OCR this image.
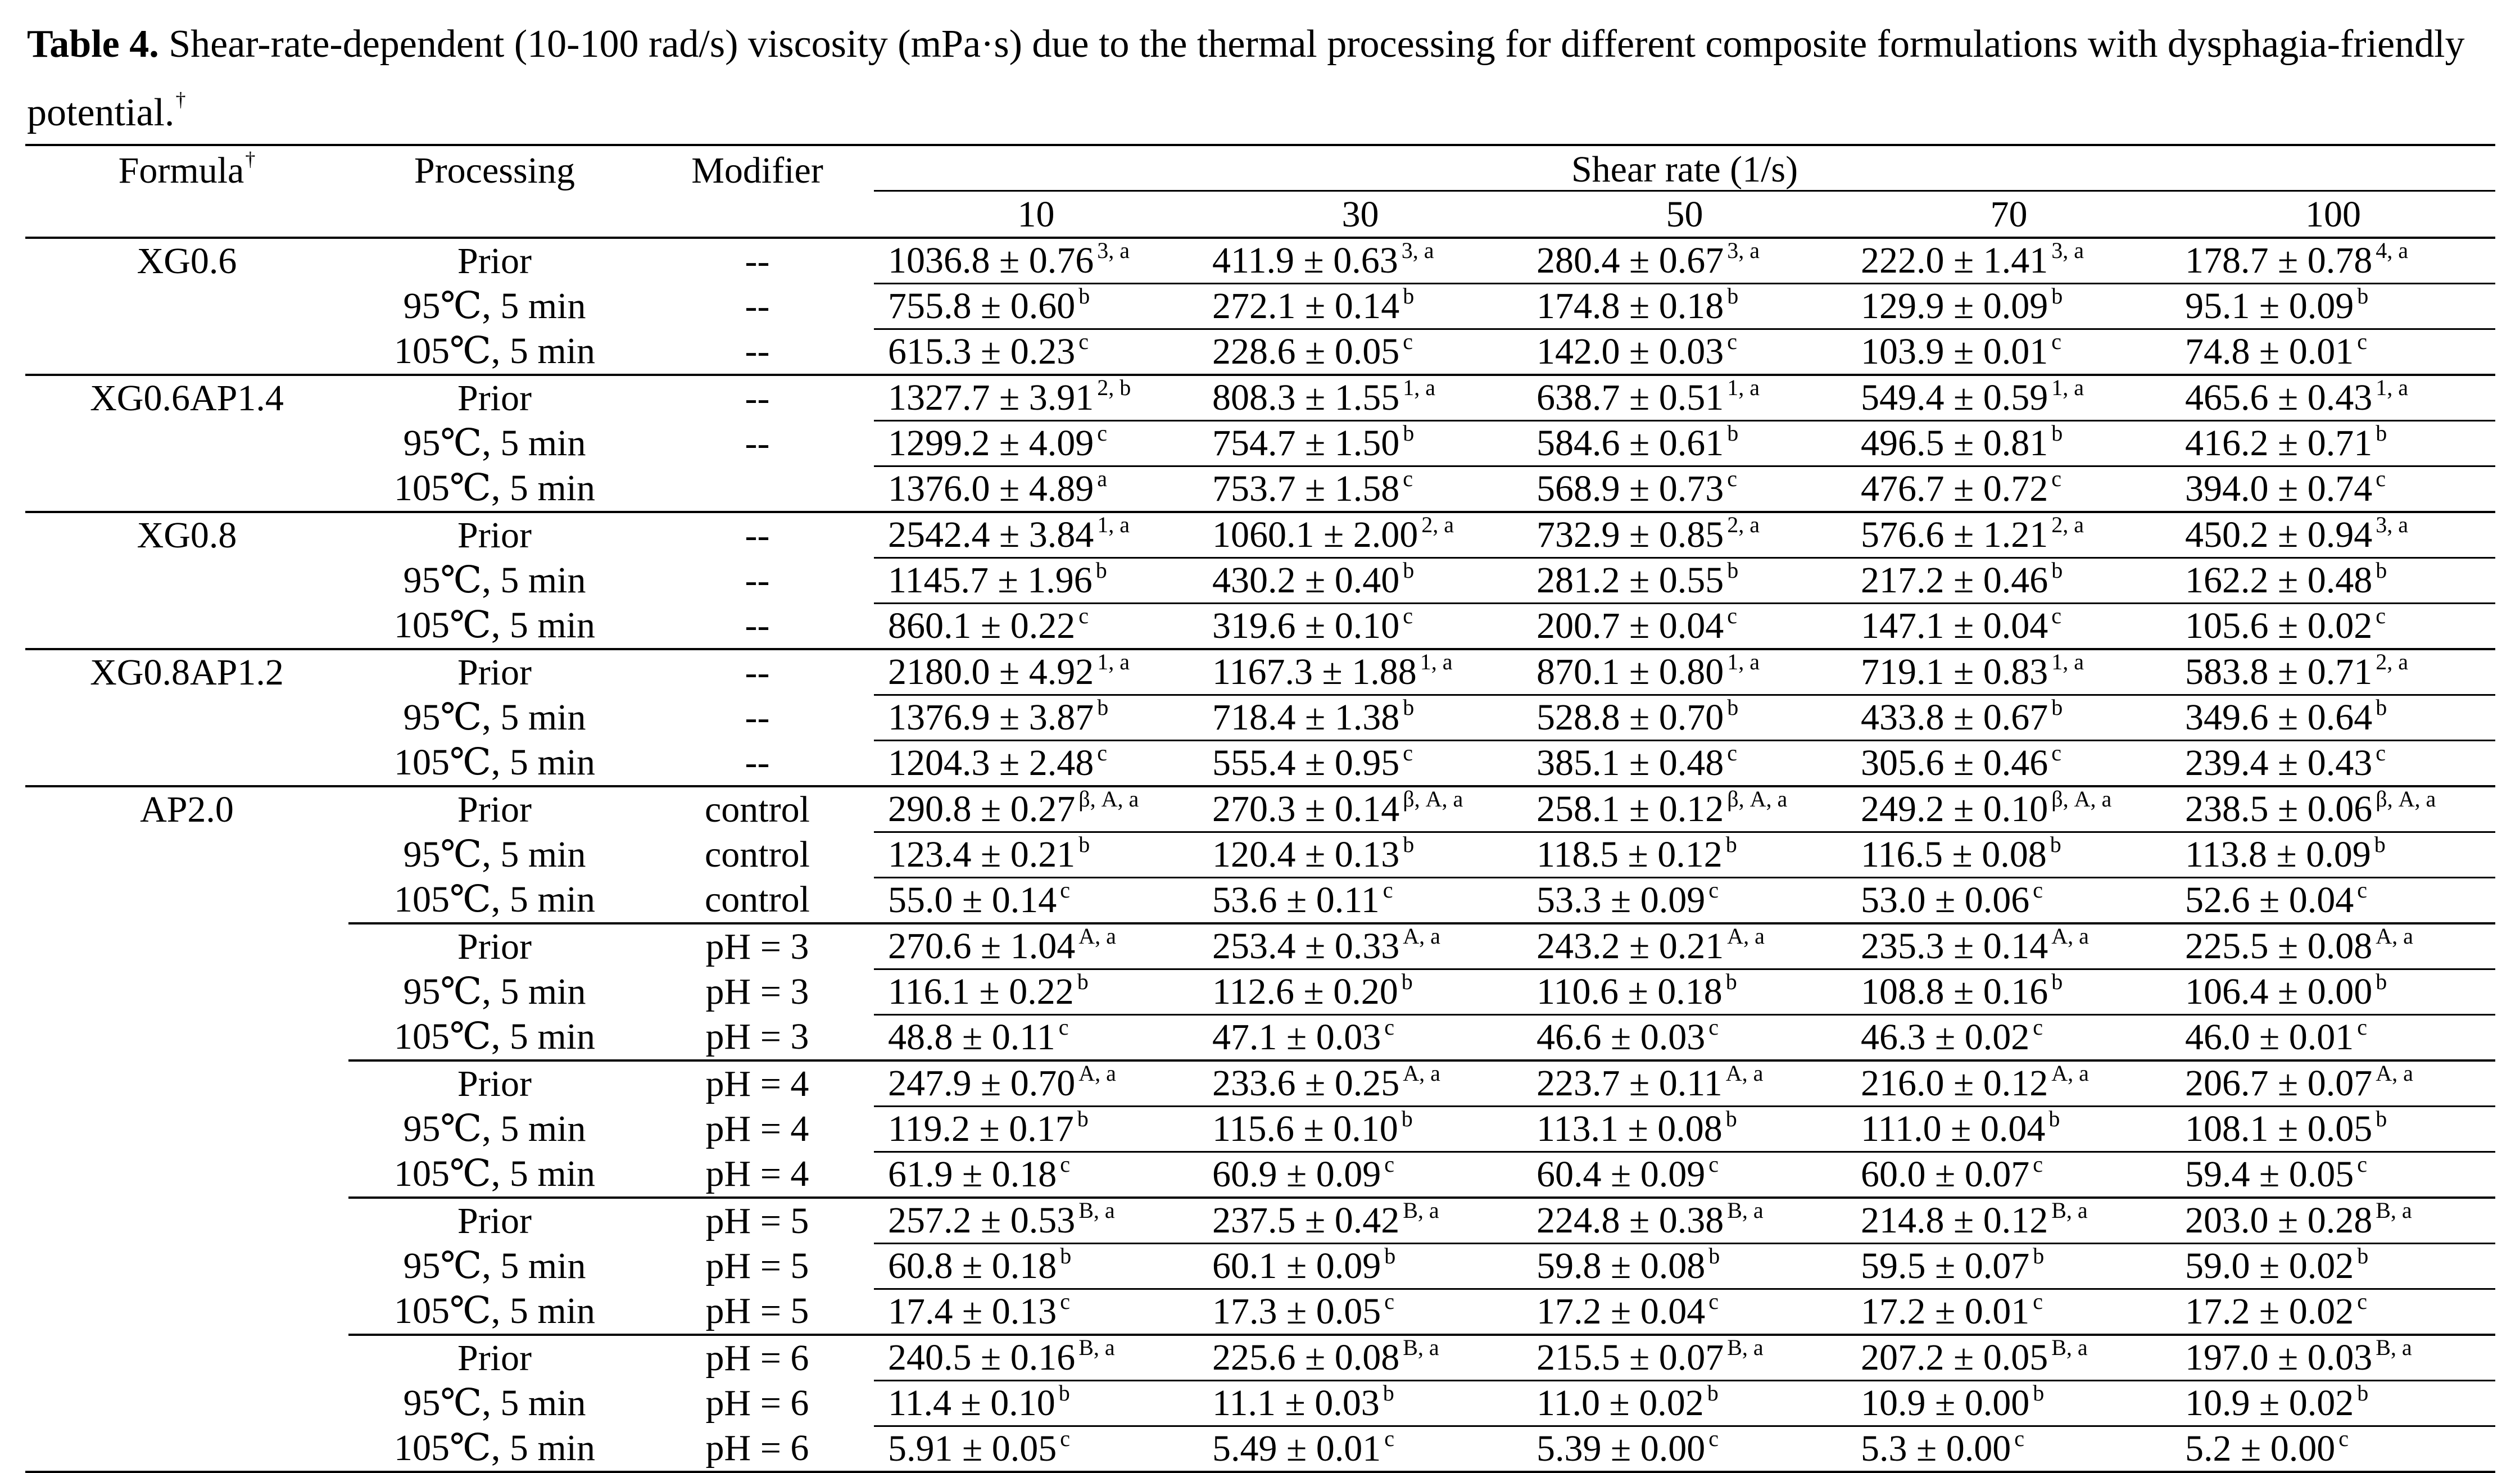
Table 4. Shear-rate-dependent (10-100 rad/s) viscosity (mPa·s) due to the thermal processing for different composite formulations with dysphagia-friendly potential.†
Formula†	Processing	Modifier	Shear rate (1/s)				
			10	30	50	70	100
XG0.6	Prior	--	1036.8 ± 0.76 $^{3, a}$	411.9 ± 0.63 $^{3, a}$	280.4 ± 0.67 $^{3, a}$	222.0 ± 1.41 $^{3, a}$	178.7 ± 0.78 $^{4, a}$
	95℃, 5 min	--	755.8 ± 0.60 $^b$	272.1 ± 0.14 $^b$	174.8 ± 0.18 $^b$	129.9 ± 0.09 $^b$	95.1 ± 0.09 $^b$
	105℃, 5 min	--	615.3 ± 0.23 $^c$	228.6 ± 0.05 $^c$	142.0 ± 0.03 $^c$	103.9 ± 0.01 $^c$	74.8 ± 0.01 $^c$
XG0.6AP1.4	Prior	--	1327.7 ± 3.91 $^{2, b}$	808.3 ± 1.55 $^{1, a}$	638.7 ± 0.51 $^{1, a}$	549.4 ± 0.59 $^{1, a}$	465.6 ± 0.43 $^{1, a}$
	95℃, 5 min	--	1299.2 ± 4.09 $^c$	754.7 ± 1.50 $^b$	584.6 ± 0.61 $^b$	496.5 ± 0.81 $^b$	416.2 ± 0.71 $^b$
	105℃, 5 min		1376.0 ± 4.89 $^a$	753.7 ± 1.58 $^c$	568.9 ± 0.73 $^c$	476.7 ± 0.72 $^c$	394.0 ± 0.74 $^c$
XG0.8	Prior	--	2542.4 ± 3.84 $^{1, a}$	1060.1 ± 2.00 $^{2, a}$	732.9 ± 0.85 $^{2, a}$	576.6 ± 1.21 $^{2, a}$	450.2 ± 0.94 $^{3, a}$
	95℃, 5 min	--	1145.7 ± 1.96 $^b$	430.2 ± 0.40 $^b$	281.2 ± 0.55 $^b$	217.2 ± 0.46 $^b$	162.2 ± 0.48 $^b$
	105℃, 5 min	--	860.1 ± 0.22 $^c$	319.6 ± 0.10 $^c$	200.7 ± 0.04 $^c$	147.1 ± 0.04 $^c$	105.6 ± 0.02 $^c$
XG0.8AP1.2	Prior	--	2180.0 ± 4.92 $^{1, a}$	1167.3 ± 1.88 $^{1, a}$	870.1 ± 0.80 $^{1, a}$	719.1 ± 0.83 $^{1, a}$	583.8 ± 0.71 $^{2, a}$
	95℃, 5 min	--	1376.9 ± 3.87 $^b$	718.4 ± 1.38 $^b$	528.8 ± 0.70 $^b$	433.8 ± 0.67 $^b$	349.6 ± 0.64 $^b$
	105℃, 5 min	--	1204.3 ± 2.48 $^c$	555.4 ± 0.95 $^c$	385.1 ± 0.48 $^c$	305.6 ± 0.46 $^c$	239.4 ± 0.43 $^c$
AP2.0	Prior	control	290.8 ± 0.27 $^{\beta, A, a}$	270.3 ± 0.14 $^{\beta, A, a}$	258.1 ± 0.12 $^{\beta, A, a}$	249.2 ± 0.10 $^{\beta, A, a}$	238.5 ± 0.06 $^{\beta, A, a}$
	95℃, 5 min	control	123.4 ± 0.21 $^b$	120.4 ± 0.13 $^b$	118.5 ± 0.12 $^b$	116.5 ± 0.08 $^b$	113.8 ± 0.09 $^b$
	105℃, 5 min	control	55.0 ± 0.14 $^c$	53.6 ± 0.11 $^c$	53.3 ± 0.09 $^c$	53.0 ± 0.06 $^c$	52.6 ± 0.04 $^c$
	Prior	pH = 3	270.6 ± 1.04 $^{A, a}$	253.4 ± 0.33 $^{A, a}$	243.2 ± 0.21 $^{A, a}$	235.3 ± 0.14 $^{A, a}$	225.5 ± 0.08 $^{A, a}$
	95℃, 5 min	pH = 3	116.1 ± 0.22 $^b$	112.6 ± 0.20 $^b$	110.6 ± 0.18 $^b$	108.8 ± 0.16 $^b$	106.4 ± 0.00 $^b$
	105℃, 5 min	pH = 3	48.8 ± 0.11 $^c$	47.1 ± 0.03 $^c$	46.6 ± 0.03 $^c$	46.3 ± 0.02 $^c$	46.0 ± 0.01 $^c$
	Prior	pH = 4	247.9 ± 0.70 $^{A, a}$	233.6 ± 0.25 $^{A, a}$	223.7 ± 0.11 $^{A, a}$	216.0 ± 0.12 $^{A, a}$	206.7 ± 0.07 $^{A, a}$
	95℃, 5 min	pH = 4	119.2 ± 0.17 $^b$	115.6 ± 0.10 $^b$	113.1 ± 0.08 $^b$	111.0 ± 0.04 $^b$	108.1 ± 0.05 $^b$
	105℃, 5 min	pH = 4	61.9 ± 0.18 $^c$	60.9 ± 0.09 $^c$	60.4 ± 0.09 $^c$	60.0 ± 0.07 $^c$	59.4 ± 0.05 $^c$
	Prior	pH = 5	257.2 ± 0.53 $^{B, a}$	237.5 ± 0.42 $^{B, a}$	224.8 ± 0.38 $^{B, a}$	214.8 ± 0.12 $^{B, a}$	203.0 ± 0.28 $^{B, a}$
	95℃, 5 min	pH = 5	60.8 ± 0.18 $^b$	60.1 ± 0.09 $^b$	59.8 ± 0.08 $^b$	59.5 ± 0.07 $^b$	59.0 ± 0.02 $^b$
	105℃, 5 min	pH = 5	17.4 ± 0.13 $^c$	17.3 ± 0.05 $^c$	17.2 ± 0.04 $^c$	17.2 ± 0.01 $^c$	17.2 ± 0.02 $^c$
	Prior	pH = 6	240.5 ± 0.16 $^{B, a}$	225.6 ± 0.08 $^{B, a}$	215.5 ± 0.07 $^{B, a}$	207.2 ± 0.05 $^{B, a}$	197.0 ± 0.03 $^{B, a}$
	95℃, 5 min	pH = 6	11.4 ± 0.10 $^b$	11.1 ± 0.03 $^b$	11.0 ± 0.02 $^b$	10.9 ± 0.00 $^b$	10.9 ± 0.02 $^b$
	105℃, 5 min	pH = 6	5.91 ± 0.05 $^c$	5.49 ± 0.01 $^c$	5.39 ± 0.00 $^c$	5.3 ± 0.00 $^c$	5.2 ± 0.00 $^c$
